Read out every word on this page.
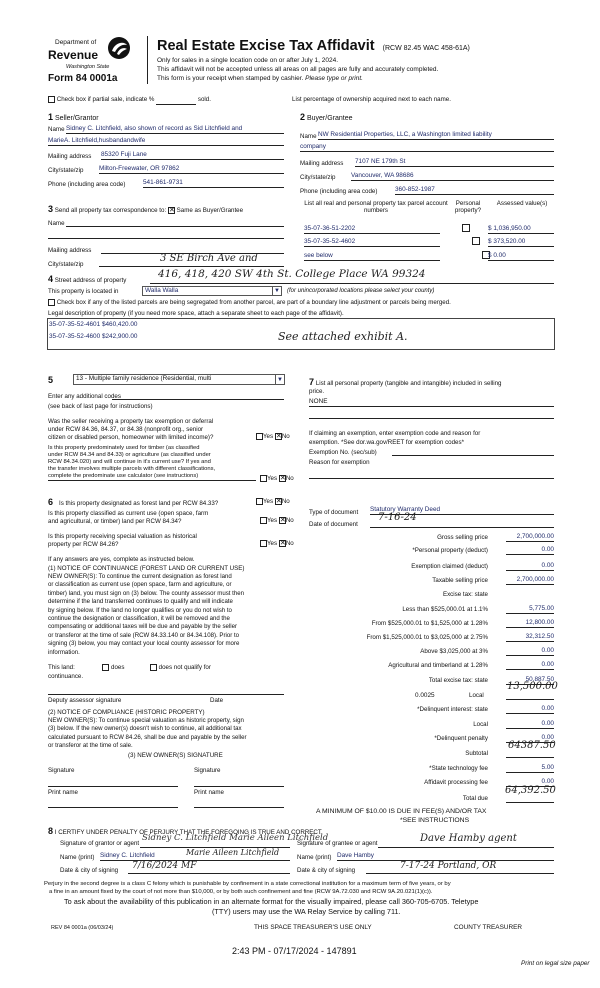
Department of
Revenue
Washington State
Form 84 0001a
Real Estate Excise Tax Affidavit (RCW 82.45 WAC 458-61A)
Only for sales in a single location code on or after July 1, 2024.
This affidavit will not be accepted unless all areas on all pages are fully and accurately completed.
This form is your receipt when stamped by cashier. Please type or print.
Check box if partial sale, indicate %	sold.	List percentage of ownership acquired next to each name.
1 Seller/Grantor
Name Sidney C. Litchfield, also shown of record as Sid Litchfield and
MarieA. Litchfield,husbandandwife
Mailing address 85320 Fuji Lane
City/state/zip Milton-Freewater, OR 97862
Phone (including area code)	541-861-9731
2 Buyer/Grantee
Name NW Residential Properties, LLC, a Washington limited liability
company
Mailing address 7107 NE 179th St
City/state/zip Vancouver, WA 98686
Phone (including area code)	360-852-1987
3 Send all property tax correspondence to: ✕ Same as Buyer/Grantee
Name
Mailing address
City/state/zip
3 SE Birch Ave and
List all real and personal property tax parcel account numbers
Personal property?
Assessed value(s)
35-07-36-51-2202
	$ 1,036,950.00
35-07-35-52-4602
	$ 373,520.00
see below	$ 0.00
4 Street address of property
416, 418, 420 SW 4th St. College Place WA 99324
This property is located in	Walla Walla	▼ (for unincorporated locations please select your county)
Check box if any of the listed parcels are being segregated from another parcel, are part of a boundary line adjustment or parcels being merged.
Legal description of property (if you need more space, attach a separate sheet to each page of the affidavit).
35-07-35-52-4601 $460,420.00
35-07-35-52-4600 $242,900.00	See attached exhibit A.
5	13 - Multiple family residence (Residential, multi	▼
Enter any additional codes
(see back of last page for instructions)
Was the seller receiving a property tax exemption or deferral
under RCW 84.36, 84.37, or 84.38 (nonprofit org., senior
citizen or disabled person, homeowner with limited income)?	Yes ✕ No
Is this property predominately used for timber (as classified
under RCW 84.34 and 84.33) or agriculture (as classified under
RCW 84.34.020) and will continue in it's current use? If yes and
the transfer involves multiple parcels with different classifications,
complete the predominate use calculator (see instructions)	Yes ✕ No
6 Is this property designated as forest land per RCW 84.33?	Yes ✕ No
Is this property classified as current use (open space, farm
and agricultural, or timber) land per RCW 84.34?	Yes ✕ No
Is this property receiving special valuation as historical
property per RCW 84.26?	Yes ✕ No
If any answers are yes, complete as instructed below.
(1) NOTICE OF CONTINUANCE (FOREST LAND OR CURRENT USE)
NEW OWNER(S): To continue the current designation as forest land
or classification as current use (open space, farm and agriculture, or
timber) land, you must sign on (3) below. The county assessor must then
determine if the land transferred continues to qualify and will indicate
by signing below. If the land no longer qualifies or you do not wish to
continue the designation or classification, it will be removed and the
compensating or additional taxes will be due and payable by the seller
or transferor at the time of sale (RCW 84.33.140 or 84.34.108). Prior to
signing (3) below, you may contact your local county assessor for more
information.
This land:	does	does not qualify for
continuance.
Deputy assessor signature	Date
(2) NOTICE OF COMPLIANCE (HISTORIC PROPERTY)
NEW OWNER(S): To continue special valuation as historic property, sign
(3) below. If the new owner(s) doesn't wish to continue, all additional tax
calculated pursuant to RCW 84.26, shall be due and payable by the seller
or transferor at the time of sale.
(3) NEW OWNER(S) SIGNATURE
Signature	Signature
Print name	Print name
7 List all personal property (tangible and intangible) included in selling
price.
NONE
If claiming an exemption, enter exemption code and reason for
exemption. *See dor.wa.gov/REET for exemption codes*
Exemption No. (sec/sub)
Reason for exemption
Type of document Statutory Warranty Deed
Date of document
7-16-24
Gross selling price	2,700,000.00
*Personal property (deduct)	0.00
Exemption claimed (deduct)	0.00
Taxable selling price	2,700,000.00
Excise tax: state
Less than $525,000.01 at 1.1%	5,775.00
From $525,000.01 to $1,525,000 at 1.28%	12,800.00
From $1,525,000.01 to $3,025,000 at 2.75%	32,312.50
Above $3,025,000 at 3%	0.00
Agricultural and timberland at 1.28%	0.00
Total excise tax: state	50,887.50
0.0025	Local
13,500.00
*Delinquent interest: state	0.00
Local	0.00
*Delinquent penalty	0.00
Subtotal
64387.50
*State technology fee	5.00
Affidavit processing fee	0.00
Total due
64,392.50
A MINIMUM OF $10.00 IS DUE IN FEE(S) AND/OR TAX
*SEE INSTRUCTIONS
8 I CERTIFY UNDER PENALTY OF PERJURY THAT THE FOREGOING IS TRUE AND CORRECT
Signature of grantor or agent
Sidney C. Litchfield Marie Aileen Litchfield
Name (print) Sidney C. Litchfield	Marie Aileen Litchfield
Date & city of signing 7/16/2024 MF
Signature of grantee or agent	Dave Hamby agent
Name (print) Dave Hamby
Date & city of signing	7-17-24 Portland, OR
Perjury in the second degree is a class C felony which is punishable by confinement in a state correctional institution for a maximum term of five years, or by
a fine in an amount fixed by the court of not more than $10,000, or by both such confinement and fine (RCW 9A.72.030 and RCW 9A.20.021(1)(c)).
To ask about the availability of this publication in an alternate format for the visually impaired, please call 360-705-6705. Teletype
(TTY) users may use the WA Relay Service by calling 711.
REV 84 0001a (06/03/24)	THIS SPACE TREASURER'S USE ONLY	COUNTY TREASURER
2:43 PM - 07/17/2024 - 147891
Print on legal size paper
